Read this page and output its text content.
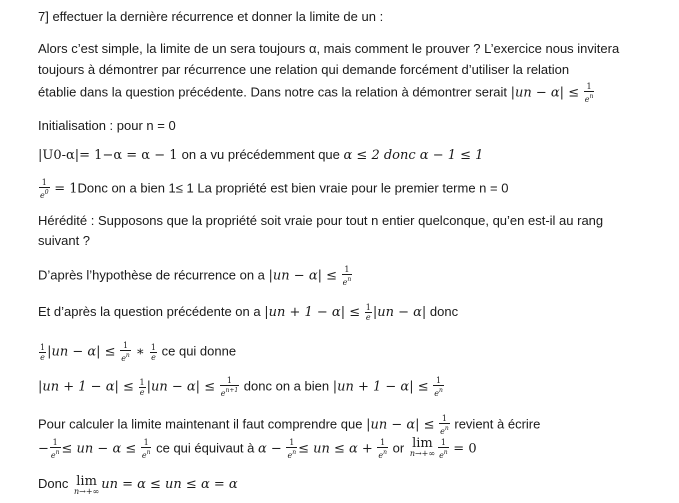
7] effectuer la dernière récurrence et donner la limite de un :
Alors c’est simple, la limite de un sera toujours α, mais comment le prouver ? L’exercice nous invitera
toujours à démontrer par récurrence une relation qui demande forcément d’utiliser la relation
établie dans la question précédente. Dans notre cas la relation à démontrer serait $|un - \alpha| \le \frac{1}{e^n}$
Initialisation : pour n = 0
|U0-α|= 1−α = α − 1 on a vu précédemment que α ≤ 2 donc α − 1 ≤ 1
$\frac{1}{e^0}$ = 1Donc on a bien 1≤ 1 La propriété est bien vraie pour le premier terme n = 0
Hérédité : Supposons que la propriété soit vraie pour tout n entier quelconque, qu’en est-il au rang
suivant ?
D’après l’hypothèse de récurrence on a $|un - \alpha| \le \frac{1}{e^n}$
Et d’après la question précédente on a $|un + 1 - \alpha| \le \frac{1}{e} |un - \alpha|$ donc
$\frac{1}{e} |un - \alpha| \le \frac{1}{e^n}$ ∗ $\frac{1}{e}$ ce qui donne
$|un + 1 - \alpha| \le \frac{1}{e} |un - \alpha| \le \frac{1}{e^{n+1}}$ donc on a bien $|un + 1 - \alpha| \le \frac{1}{e^n}$
Pour calculer la limite maintenant il faut comprendre que $|un - \alpha| \le \frac{1}{e^n}$ revient à écrire
− $\frac{1}{e^n}$ ≤ un − $\alpha \le \frac{1}{e^n}$ ce qui équivaut à $\alpha - \frac{1}{e^n}$ ≤ un ≤ $\alpha + \frac{1}{e^n}$ or lim
$n\to+\infty \frac{1}{e^n} = 0$
Donc lim
n→+∞ un = α ≤ un ≤ α = α
